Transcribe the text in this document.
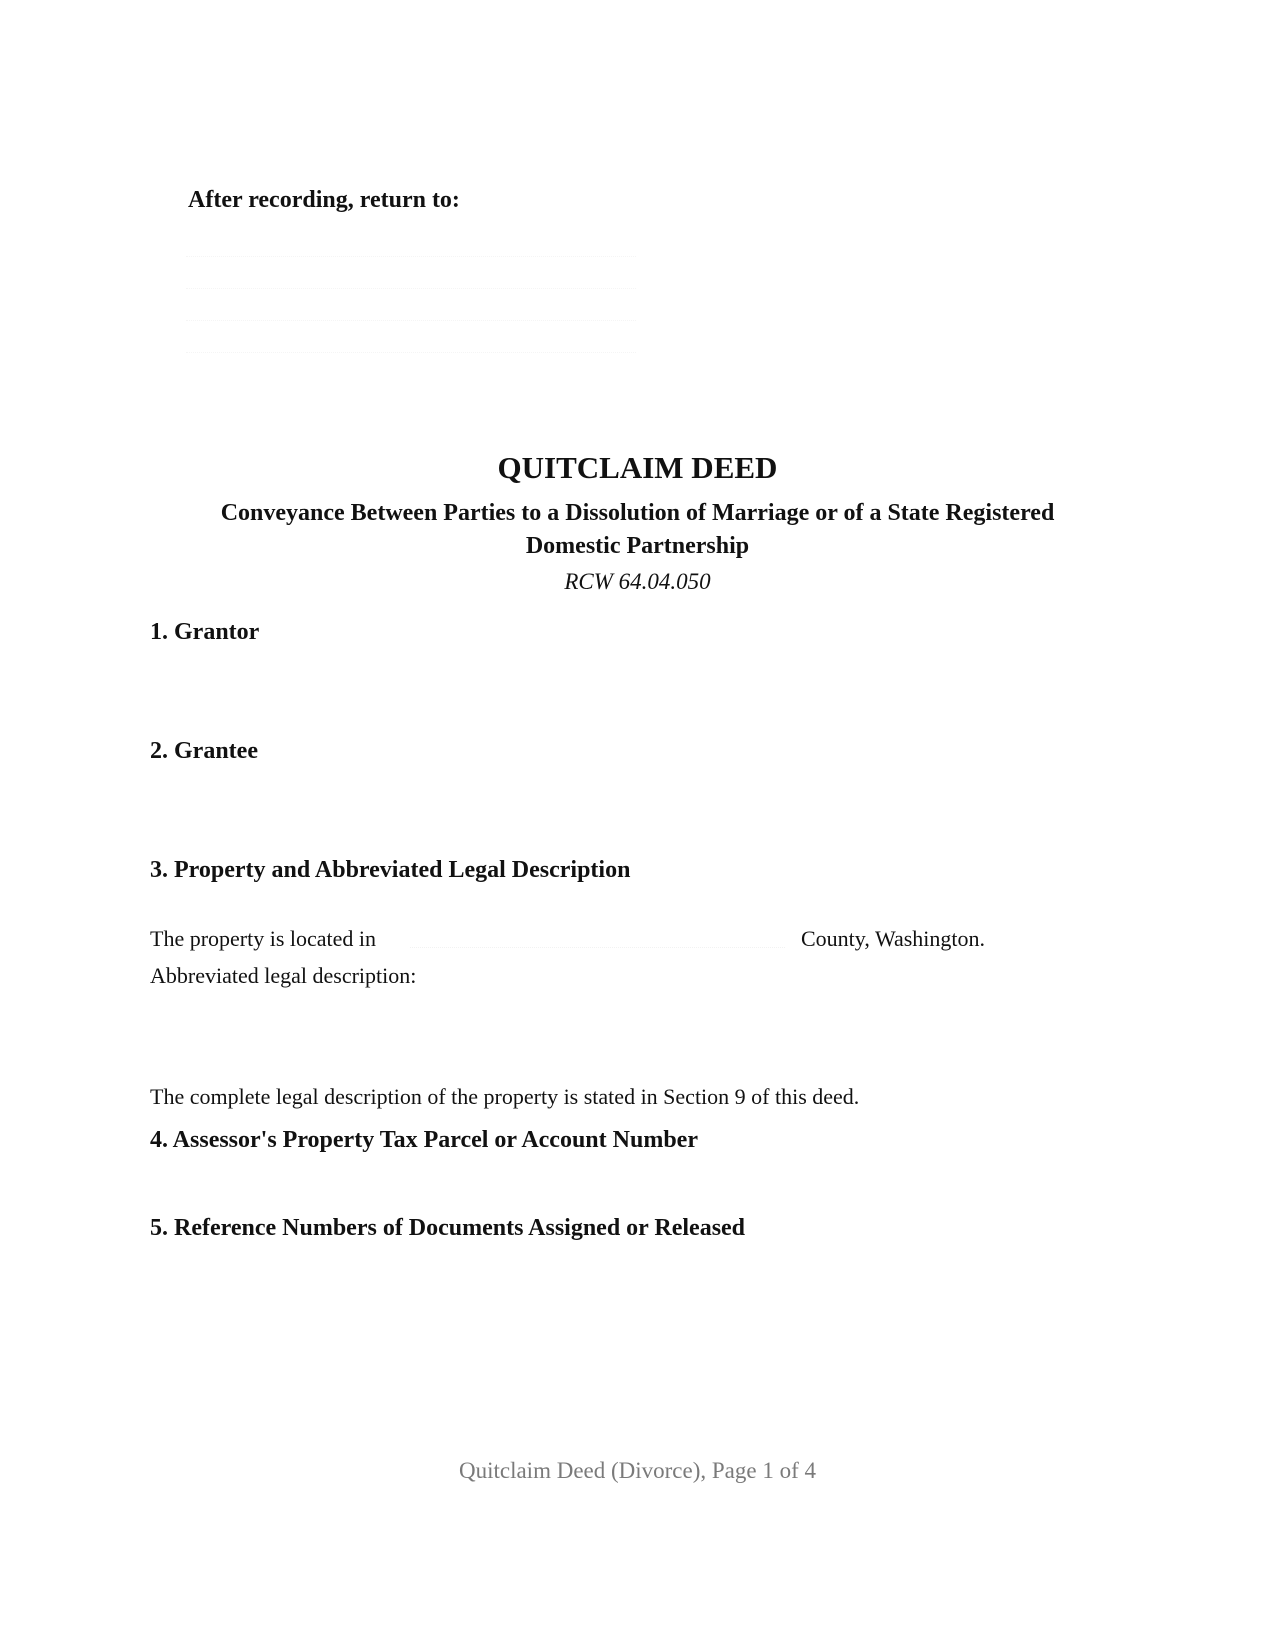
After recording, return to:
QUITCLAIM DEED
Conveyance Between Parties to a Dissolution of Marriage or of a State Registered
Domestic Partnership
RCW 64.04.050
1. Grantor
2. Grantee
3. Property and Abbreviated Legal Description
The property is located in	County, Washington.
Abbreviated legal description:
The complete legal description of the property is stated in Section 9 of this deed.
4. Assessor's Property Tax Parcel or Account Number
5. Reference Numbers of Documents Assigned or Released
Quitclaim Deed (Divorce), Page 1 of 4
